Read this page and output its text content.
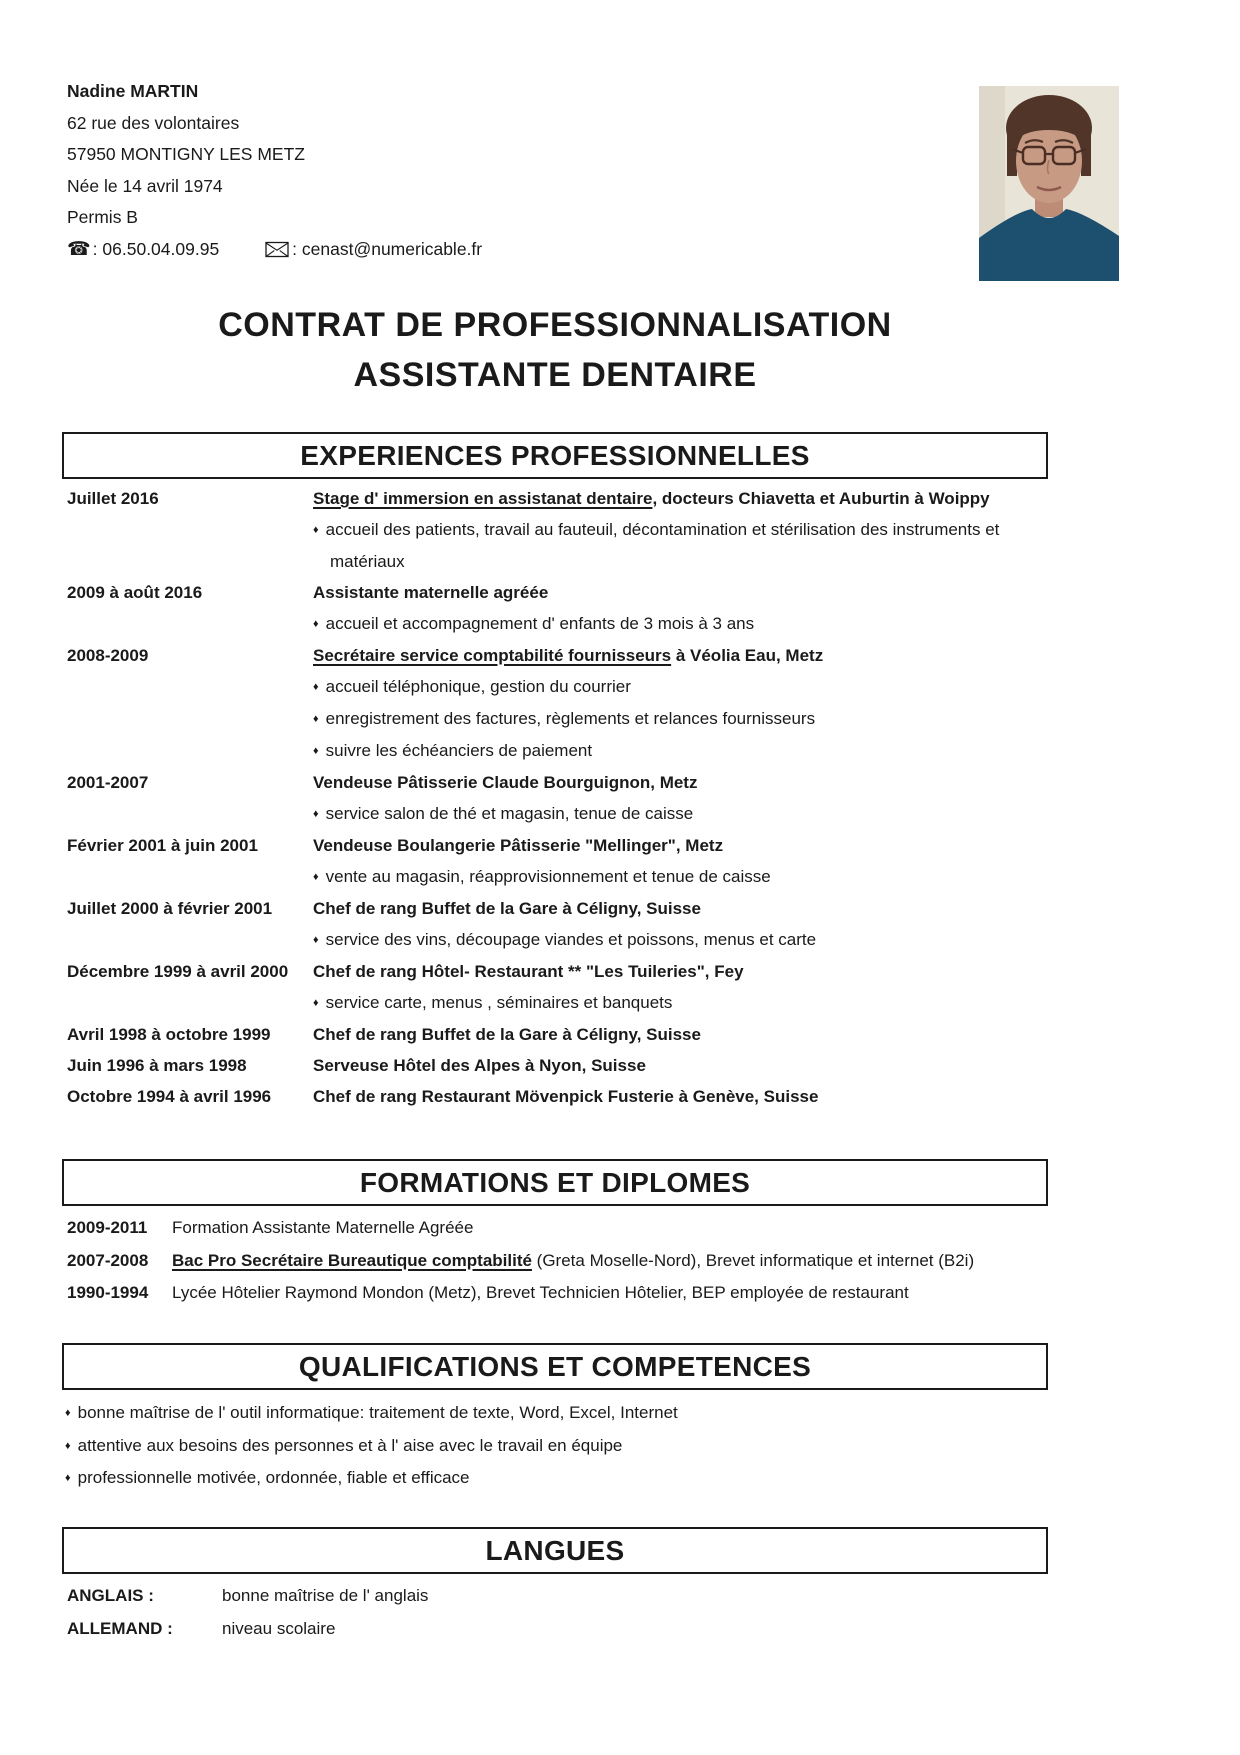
Nadine MARTIN
62 rue des volontaires
57950 MONTIGNY LES METZ
Née le 14 avril 1974
Permis B
☎ : 06.50.04.09.95	: cenast@numericable.fr
CONTRAT DE PROFESSIONNALISATION
ASSISTANTE DENTAIRE
EXPERIENCES PROFESSIONNELLES
FORMATIONS ET DIPLOMES
QUALIFICATIONS ET COMPETENCES
LANGUES
Juillet 2016	Stage d' immersion en assistanat dentaire, docteurs Chiavetta et Auburtin à Woippy
♦ accueil des patients, travail au fauteuil, décontamination et stérilisation des instruments et matériaux
2009 à août 2016	Assistante maternelle agréée
♦ accueil et accompagnement d' enfants de 3 mois à 3 ans
2008-2009	Secrétaire service comptabilité fournisseurs à Véolia Eau, Metz
♦ accueil téléphonique, gestion du courrier
♦ enregistrement des factures, règlements et relances fournisseurs
♦ suivre les échéanciers de paiement
2001-2007	Vendeuse Pâtisserie Claude Bourguignon, Metz
♦ service salon de thé et magasin, tenue de caisse
Février 2001 à juin 2001	Vendeuse Boulangerie Pâtisserie "Mellinger", Metz
♦ vente au magasin, réapprovisionnement et tenue de caisse
Juillet 2000 à février 2001	Chef de rang Buffet de la Gare à Céligny, Suisse
♦ service des vins, découpage viandes et poissons, menus et carte
Décembre 1999 à avril 2000	Chef de rang Hôtel- Restaurant ** "Les Tuileries", Fey
♦ service carte, menus , séminaires et banquets
Avril 1998 à octobre 1999	Chef de rang Buffet de la Gare à Céligny, Suisse
Juin 1996 à mars 1998	Serveuse Hôtel des Alpes à Nyon, Suisse
Octobre 1994 à avril 1996	Chef de rang Restaurant Mövenpick Fusterie à Genève, Suisse
2009-2011	Formation Assistante Maternelle Agréée
2007-2008	Bac Pro Secrétaire Bureautique comptabilité (Greta Moselle-Nord), Brevet informatique et internet (B2i)
1990-1994	Lycée Hôtelier Raymond Mondon (Metz), Brevet Technicien Hôtelier, BEP employée de restaurant
♦ bonne maîtrise de l' outil informatique: traitement de texte, Word, Excel, Internet
♦ attentive aux besoins des personnes et à l' aise avec le travail en équipe
♦ professionnelle motivée, ordonnée, fiable et efficace
ANGLAIS :	bonne maîtrise de l' anglais
ALLEMAND :	niveau scolaire
